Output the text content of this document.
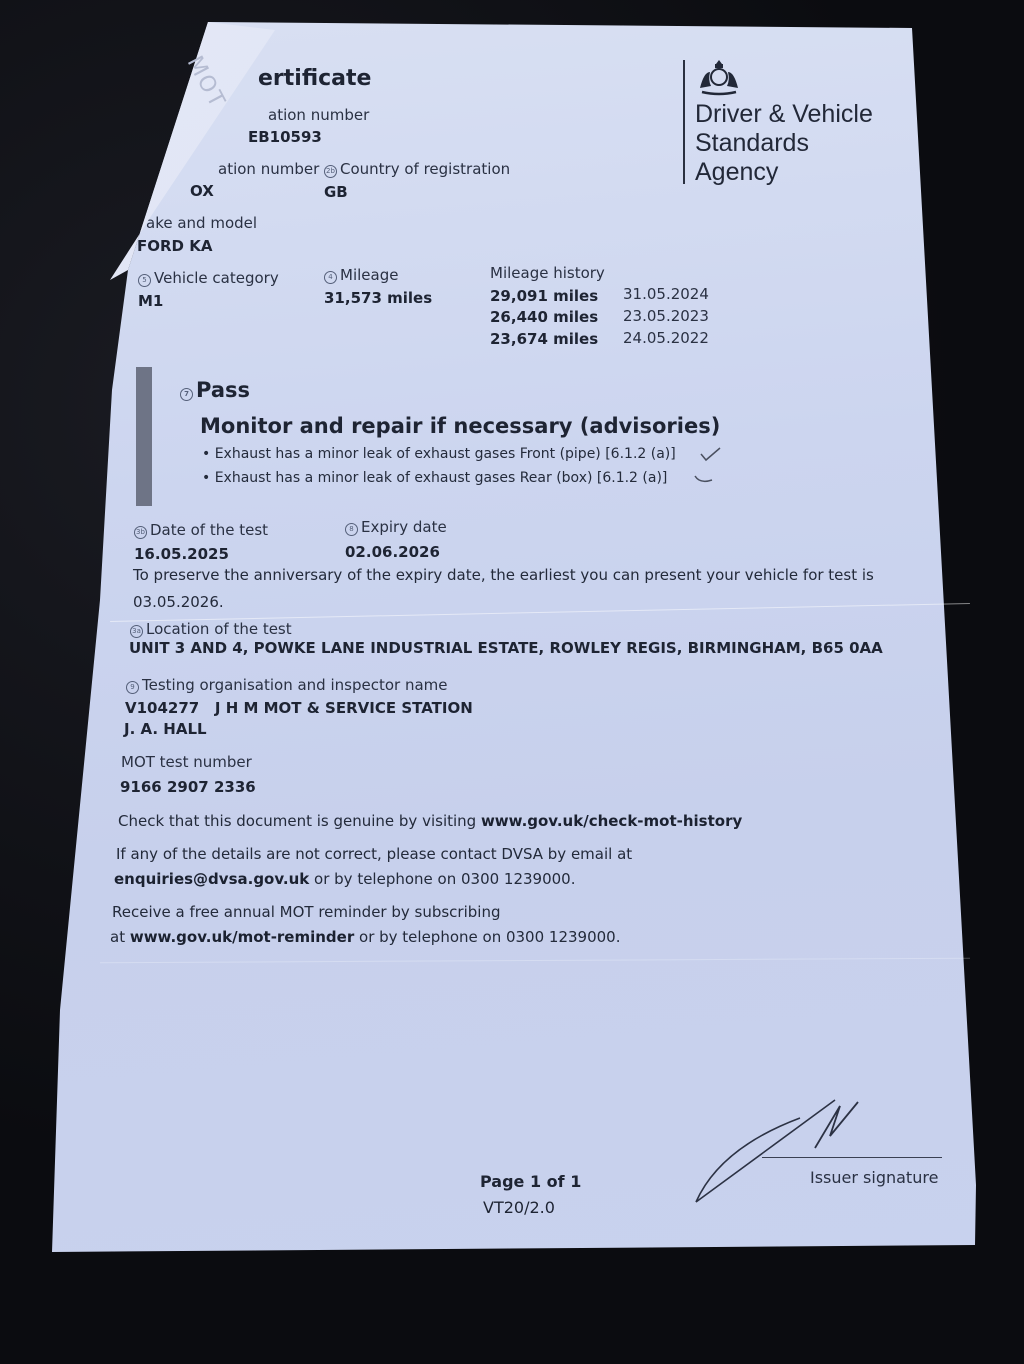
ertificate
Driver & Vehicle
Standards
Agency
ation number
EB10593
ation number
OX
2b Country of registration
GB
ake and model
FORD KA
5 Vehicle category
M1
4 Mileage
31,573 miles
Mileage history
29,091 miles 31.05.2024
26,440 miles 23.05.2023
23,674 miles 24.05.2022
7 Pass
Monitor and repair if necessary (advisories)
• Exhaust has a minor leak of exhaust gases Front (pipe) [6.1.2 (a)]
• Exhaust has a minor leak of exhaust gases Rear (box) [6.1.2 (a)]
3b Date of the test
16.05.2025
8 Expiry date
02.06.2026
To preserve the anniversary of the expiry date, the earliest you can present your vehicle for test is
03.05.2026.
3a Location of the test
UNIT 3 AND 4, POWKE LANE INDUSTRIAL ESTATE, ROWLEY REGIS, BIRMINGHAM, B65 0AA
9 Testing organisation and inspector name
V104277   J H M MOT & SERVICE STATION
J. A. HALL
MOT test number
9166 2907 2336
Check that this document is genuine by visiting www.gov.uk/check-mot-history
If any of the details are not correct, please contact DVSA by email at
enquiries@dvsa.gov.uk or by telephone on 0300 1239000.
Receive a free annual MOT reminder by subscribing
at www.gov.uk/mot-reminder or by telephone on 0300 1239000.
Page 1 of 1
VT20/2.0
Issuer signature
MOT
